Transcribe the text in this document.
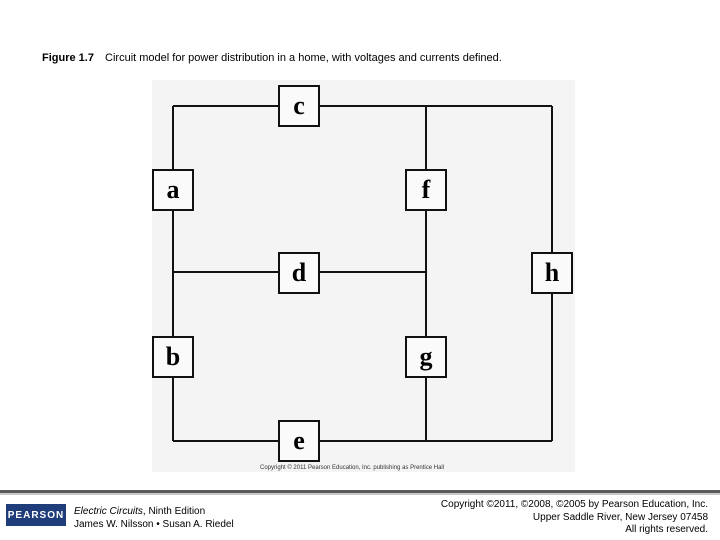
Figure 1.7 Circuit model for power distribution in a home, with voltages and currents defined.
a
b
c
d
e
f
g
h
Copyright © 2011 Pearson Education, Inc. publishing as Prentice Hall
PEARSON Electric Circuits, Ninth Edition
James W. Nilsson • Susan A. Riedel
Copyright ©2011, ©2008, ©2005 by Pearson Education, Inc.
Upper Saddle River, New Jersey 07458
All rights reserved.
